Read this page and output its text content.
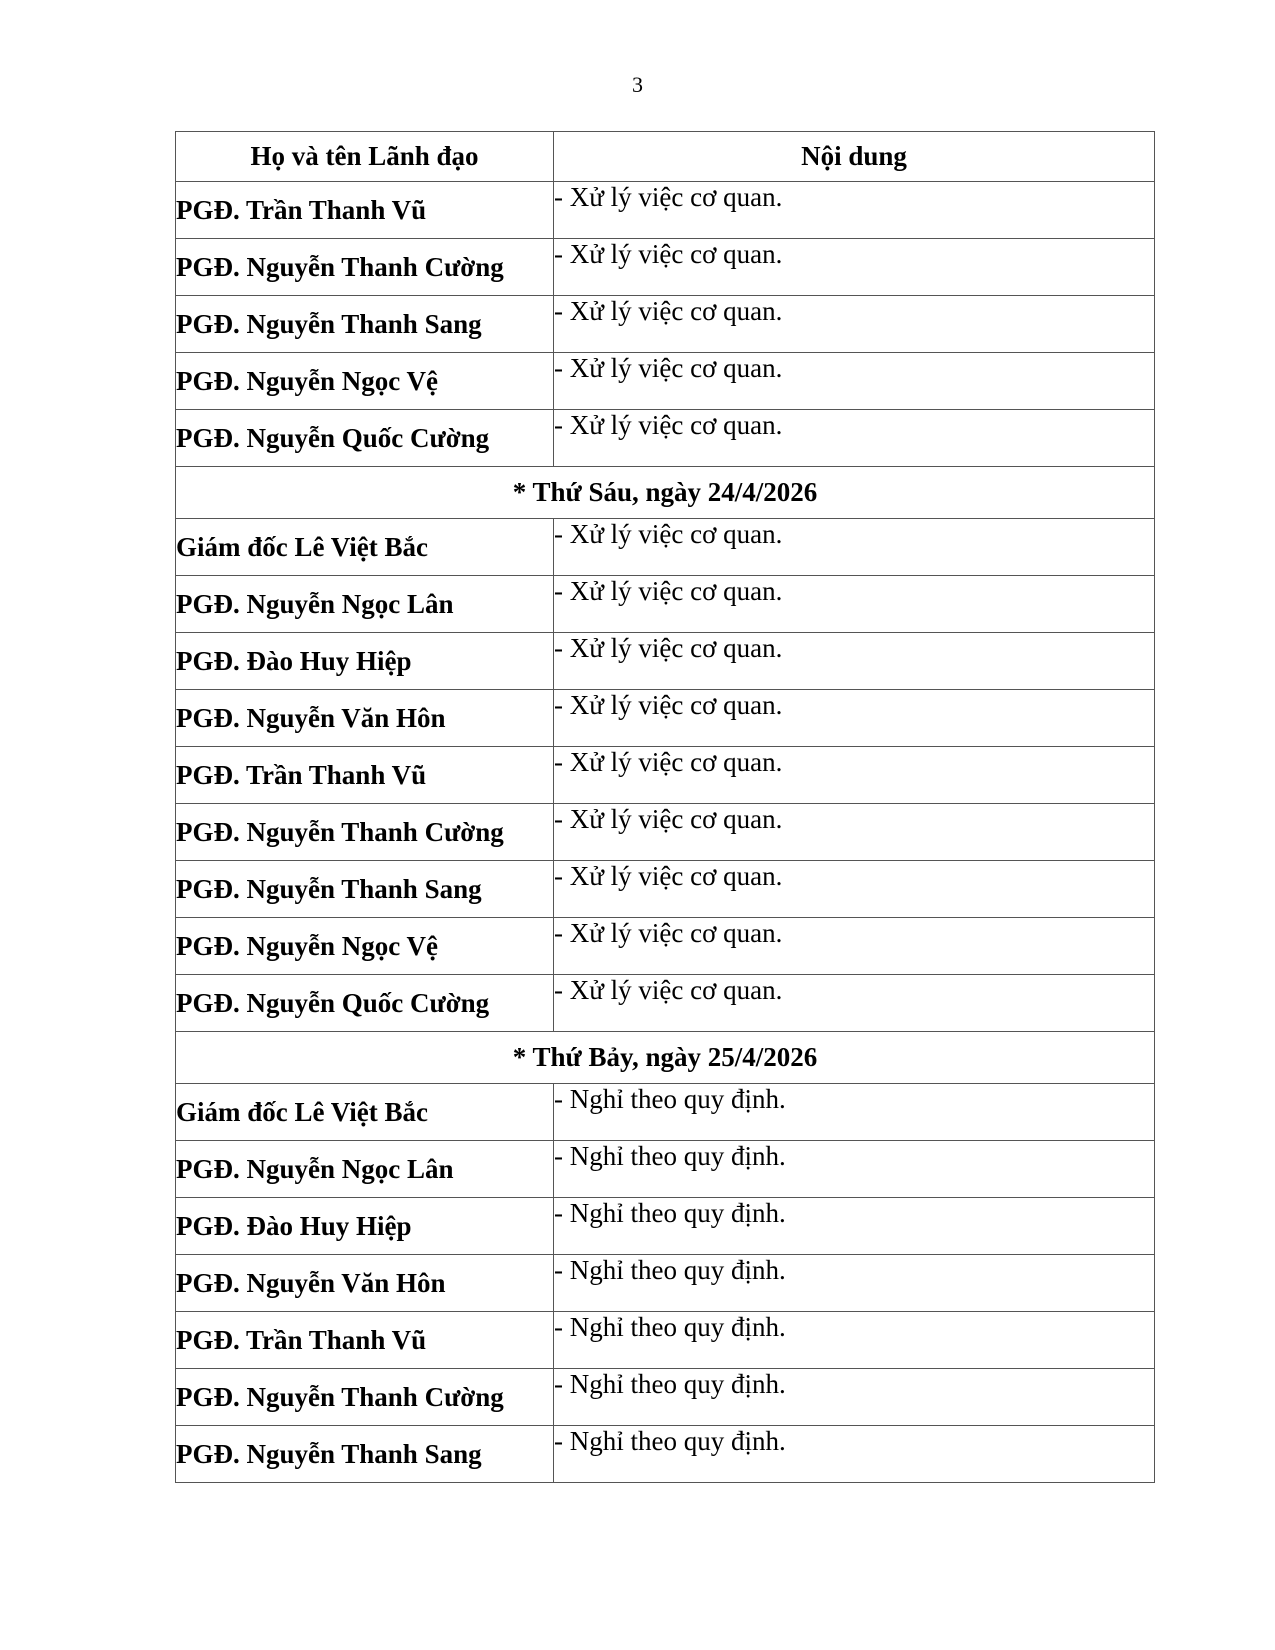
3
Họ và tên Lãnh đạo	Nội dung
PGĐ. Trần Thanh Vũ	- Xử lý việc cơ quan.
PGĐ. Nguyễn Thanh Cường	- Xử lý việc cơ quan.
PGĐ. Nguyễn Thanh Sang	- Xử lý việc cơ quan.
PGĐ. Nguyễn Ngọc Vệ	- Xử lý việc cơ quan.
PGĐ. Nguyễn Quốc Cường	- Xử lý việc cơ quan.
* Thứ Sáu, ngày 24/4/2026	
Giám đốc Lê Việt Bắc	- Xử lý việc cơ quan.
PGĐ. Nguyễn Ngọc Lân	- Xử lý việc cơ quan.
PGĐ. Đào Huy Hiệp	- Xử lý việc cơ quan.
PGĐ. Nguyễn Văn Hôn	- Xử lý việc cơ quan.
PGĐ. Trần Thanh Vũ	- Xử lý việc cơ quan.
PGĐ. Nguyễn Thanh Cường	- Xử lý việc cơ quan.
PGĐ. Nguyễn Thanh Sang	- Xử lý việc cơ quan.
PGĐ. Nguyễn Ngọc Vệ	- Xử lý việc cơ quan.
PGĐ. Nguyễn Quốc Cường	- Xử lý việc cơ quan.
* Thứ Bảy, ngày 25/4/2026	
Giám đốc Lê Việt Bắc	- Nghỉ theo quy định.
PGĐ. Nguyễn Ngọc Lân	- Nghỉ theo quy định.
PGĐ. Đào Huy Hiệp	- Nghỉ theo quy định.
PGĐ. Nguyễn Văn Hôn	- Nghỉ theo quy định.
PGĐ. Trần Thanh Vũ	- Nghỉ theo quy định.
PGĐ. Nguyễn Thanh Cường	- Nghỉ theo quy định.
PGĐ. Nguyễn Thanh Sang	- Nghỉ theo quy định.
